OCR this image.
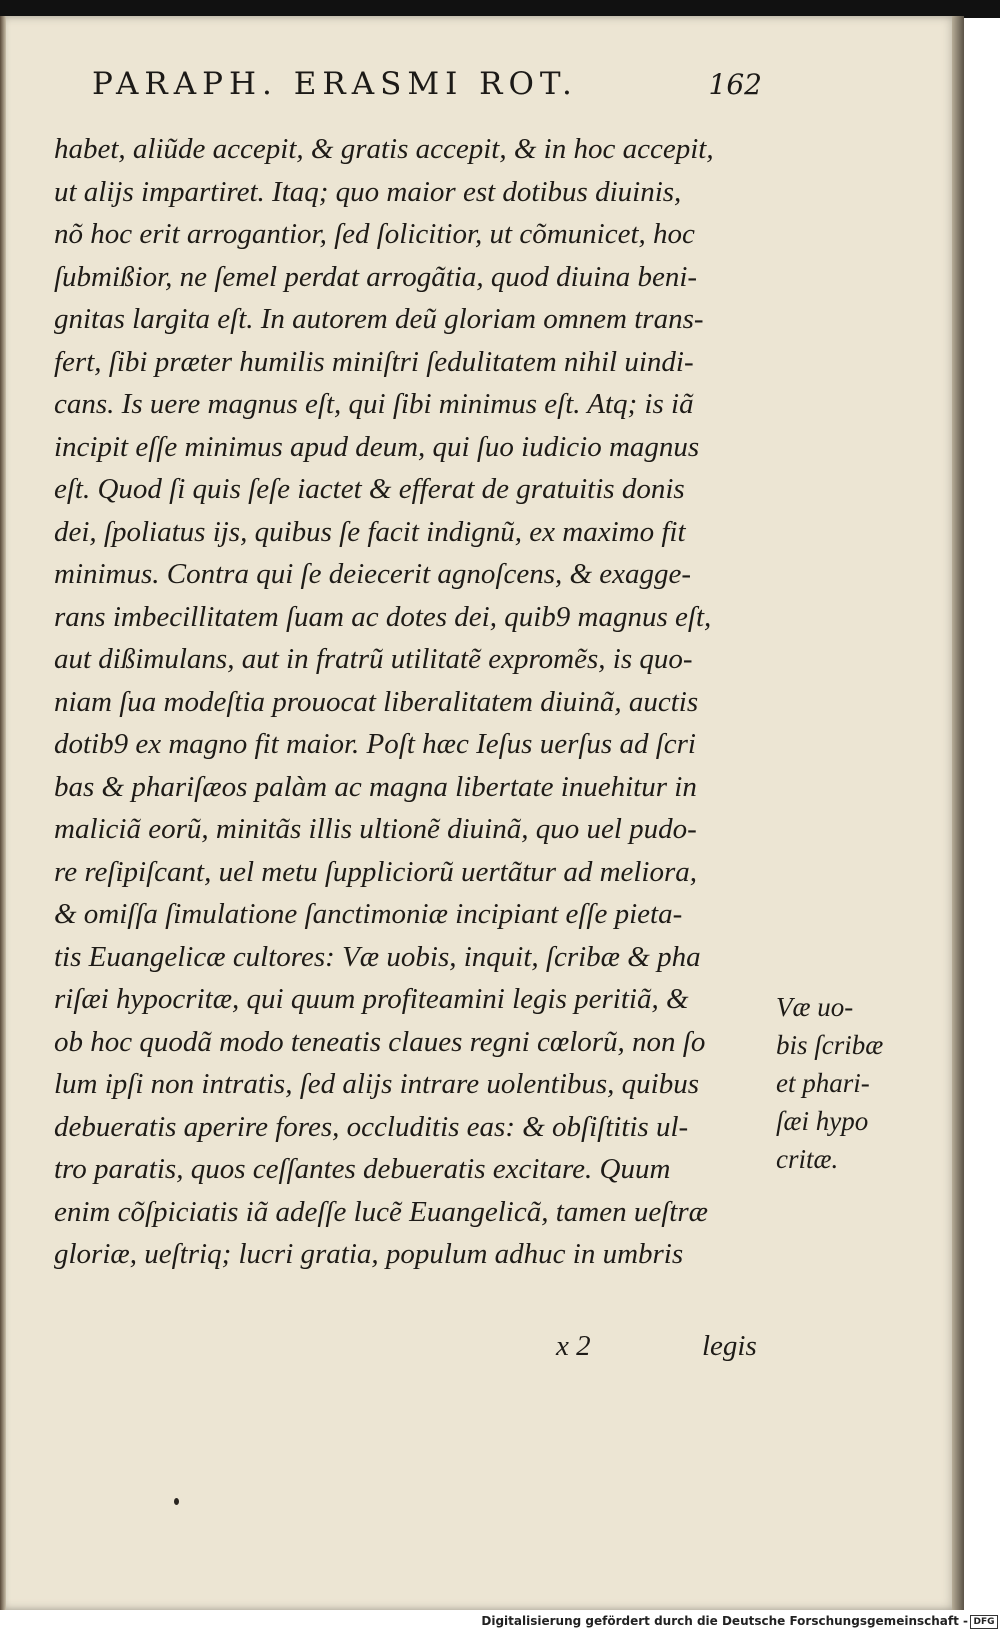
PARAPH. ERASMI ROT.	162
habet, aliũde accepit, & gratis accepit, & in hoc accepit,
ut alijs impartiret. Itaq; quo maior est dotibus diuinis,
nõ hoc erit arrogantior, ſed ſolicitior, ut cõmunicet, hoc
ſubmißior, ne ſemel perdat arrogãtia, quod diuina beni-
gnitas largita eſt. In autorem deũ gloriam omnem trans-
fert, ſibi præter humilis miniſtri ſedulitatem nihil uindi-
cans. Is uere magnus eſt, qui ſibi minimus eſt. Atq; is iã
incipit eſſe minimus apud deum, qui ſuo iudicio magnus
eſt. Quod ſi quis ſeſe iactet & efferat de gratuitis donis
dei, ſpoliatus ijs, quibus ſe facit indignũ, ex maximo fit
minimus. Contra qui ſe deiecerit agnoſcens, & exagge-
rans imbecillitatem ſuam ac dotes dei, quib9 magnus eſt,
aut dißimulans, aut in fratrũ utilitatẽ expromẽs, is quo-
niam ſua modeſtia prouocat liberalitatem diuinã, auctis
dotib9 ex magno fit maior. Poſt hæc Ieſus uerſus ad ſcri
bas & phariſæos palàm ac magna libertate inuehitur in
maliciã eorũ, minitãs illis ultionẽ diuinã, quo uel pudo-
re reſipiſcant, uel metu ſuppliciorũ uertãtur ad meliora,
& omiſſa ſimulatione ſanctimoniæ incipiant eſſe pieta-
tis Euangelicæ cultores: Væ uobis, inquit, ſcribæ & pha
riſæi hypocritæ, qui quum profiteamini legis peritiã, &
ob hoc quodã modo teneatis claues regni cœlorũ, non ſo
lum ipſi non intratis, ſed alijs intrare uolentibus, quibus
debueratis aperire fores, occluditis eas: & obſiſtitis ul-
tro paratis, quos ceſſantes debueratis excitare. Quum
enim cõſpiciatis iã adeſſe lucẽ Euangelicã, tamen ueſtræ
gloriæ, ueſtriq; lucri gratia, populum adhuc in umbris
Væ uo-
bis ſcribæ
et phari-
ſæi hypo
critæ.
x 2	legis
Digitalisierung gefördert durch die Deutsche Forschungsgemeinschaft - DFG
